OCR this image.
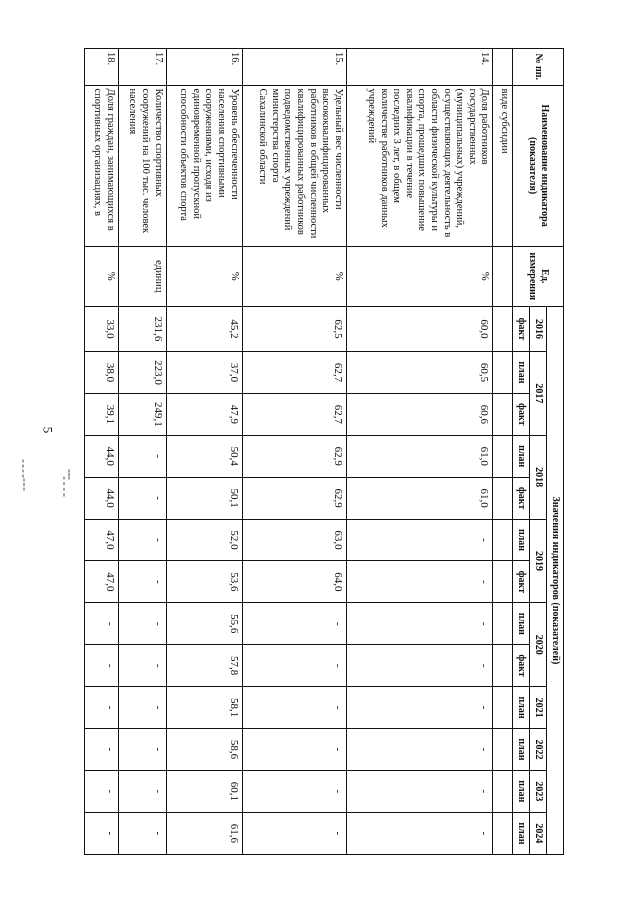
5
№ пп.	Наименование индикатора (показателя)	Ед. измерения	Значения индикаторов (показателей)												
			2016	2017		2018		2019		2020		2021	2022	2023	2024
			факт	план	факт	план	факт	план	факт	план	факт	план	план	план	план
	виде субсидии														
14.	Доля работников государственных (муниципальных) учреждений, осуществляющих деятельность в области физической культуры и спорта, прошедших повышение квалификации в течение последних 3 лет, в общем количестве работников данных учреждений	%	60,0	60,5	60,6	61,0	61,0	-	-	-	-	-	-	-	-
15.	Удельный вес численности высококвалифицированных работников в общей численности квалифицированных работников подведомственных учреждений министерства спорта Сахалинской области	%	62,5	62,7	62,7	62,9	62,9	63,0	64,0	-	-	-	-	-	-
16.	Уровень обеспеченности населения спортивными сооружениями, исходя из единовременной пропускной способности объектов спорта	%	45,2	37,0	47,9	50,4	50,1	52,0	53,6	55,6	57,8	58,1	58,6	60,1	61,6
17.	Количество спортивных сооружений на 100 тыс. человек населения	единиц	231,6	223,0	249,1	-	-	-	-	-	-	-	-	-	-
18.	Доля граждан, занимающихся в спортивных организациях, в	%	33,0	38,0	39,1	44,0	44,0	47,0	47,0	-	-	-	-	-	-
